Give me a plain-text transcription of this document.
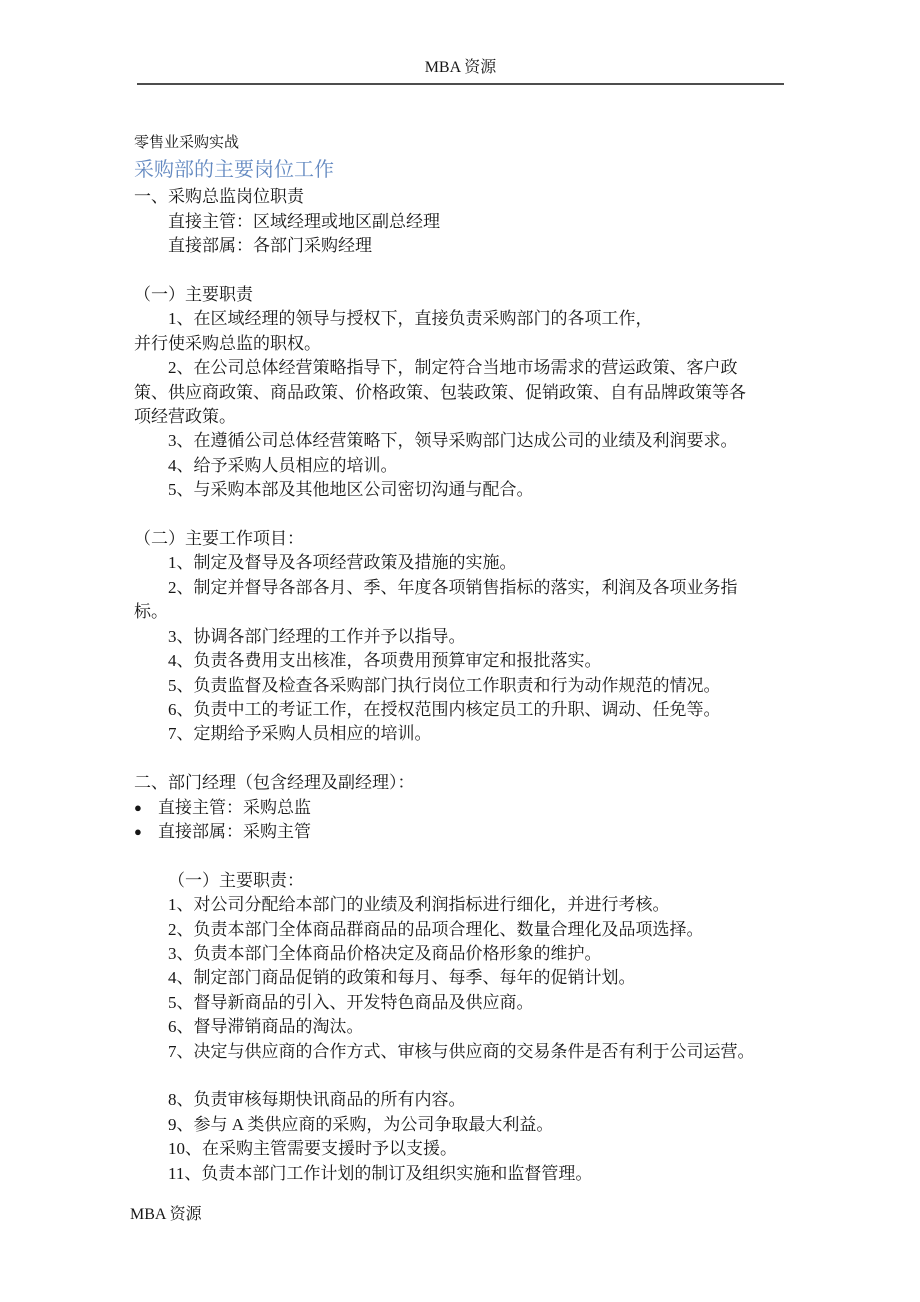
MBA 资源
零售业采购实战
采购部的主要岗位工作
一、采购总监岗位职责
直接主管：区域经理或地区副总经理
直接部属：各部门采购经理
（一）主要职责
1、在区域经理的领导与授权下，直接负责采购部门的各项工作，
并行使采购总监的职权。
2、在公司总体经营策略指导下，制定符合当地市场需求的营运政策、客户政
策、供应商政策、商品政策、价格政策、包装政策、促销政策、自有品牌政策等各
项经营政策。
3、在遵循公司总体经营策略下，领导采购部门达成公司的业绩及利润要求。
4、给予采购人员相应的培训。
5、与采购本部及其他地区公司密切沟通与配合。
（二）主要工作项目：
1、制定及督导及各项经营政策及措施的实施。
2、制定并督导各部各月、季、年度各项销售指标的落实，利润及各项业务指
标。
3、协调各部门经理的工作并予以指导。
4、负责各费用支出核准，各项费用预算审定和报批落实。
5、负责监督及检查各采购部门执行岗位工作职责和行为动作规范的情况。
6、负责中工的考证工作，在授权范围内核定员工的升职、调动、任免等。
7、定期给予采购人员相应的培训。
二、部门经理（包含经理及副经理）：
● 直接主管：采购总监
● 直接部属：采购主管
（一）主要职责：
1、对公司分配给本部门的业绩及利润指标进行细化，并进行考核。
2、负责本部门全体商品群商品的品项合理化、数量合理化及品项选择。
3、负责本部门全体商品价格决定及商品价格形象的维护。
4、制定部门商品促销的政策和每月、每季、每年的促销计划。
5、督导新商品的引入、开发特色商品及供应商。
6、督导滞销商品的淘汰。
7、决定与供应商的合作方式、审核与供应商的交易条件是否有利于公司运营。
8、负责审核每期快讯商品的所有内容。
9、参与 A 类供应商的采购，为公司争取最大利益。
10、在采购主管需要支援时予以支援。
11、负责本部门工作计划的制订及组织实施和监督管理。
MBA 资源
